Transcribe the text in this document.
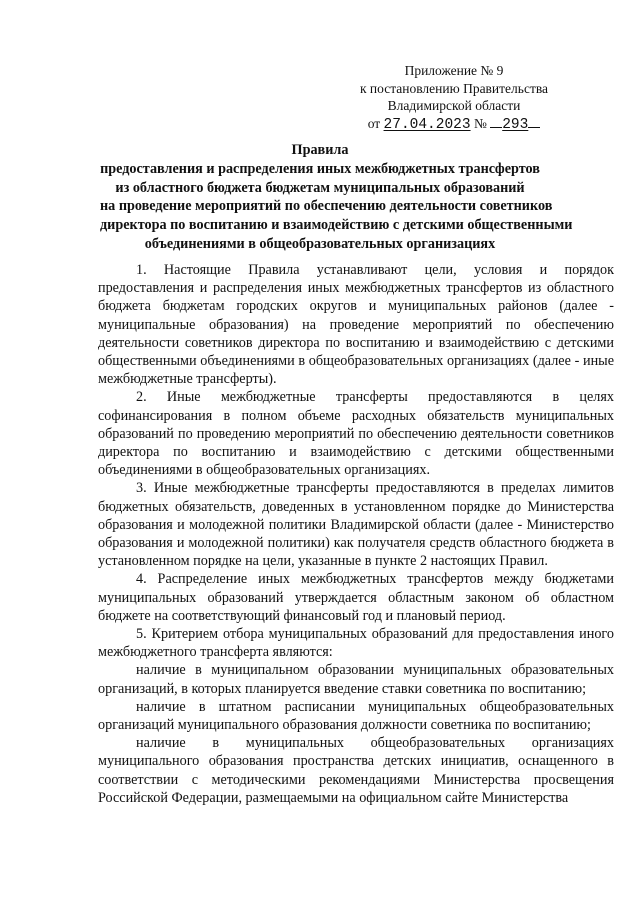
Приложение № 9
к постановлению Правительства
Владимирской области
от 27.04.2023 № 293
Правила
предоставления и распределения иных межбюджетных трансфертов
из областного бюджета бюджетам муниципальных образований
на проведение мероприятий по обеспечению деятельности советников
директора по воспитанию и взаимодействию с детскими общественными
объединениями в общеобразовательных организациях

1. Настоящие Правила устанавливают цели, условия и порядок предоставления и распределения иных межбюджетных трансфертов из областного бюджета бюджетам городских округов и муниципальных районов (далее - муниципальные образования) на проведение мероприятий по обеспечению деятельности советников директора по воспитанию и взаимодействию с детскими общественными объединениями в общеобразовательных организациях (далее - иные межбюджетные трансферты).

2. Иные межбюджетные трансферты предоставляются в целях софинансирования в полном объеме расходных обязательств муниципальных образований по проведению мероприятий по обеспечению деятельности советников директора по воспитанию и взаимодействию с детскими общественными объединениями в общеобразовательных организациях.

3. Иные межбюджетные трансферты предоставляются в пределах лимитов бюджетных обязательств, доведенных в установленном порядке до Министерства образования и молодежной политики Владимирской области (далее - Министерство образования и молодежной политики) как получателя средств областного бюджета в установленном порядке на цели, указанные в пункте 2 настоящих Правил.

4. Распределение иных межбюджетных трансфертов между бюджетами муниципальных образований утверждается областным законом об областном бюджете на соответствующий финансовый год и плановый период.

5. Критерием отбора муниципальных образований для предоставления иного межбюджетного трансферта являются:

наличие в муниципальном образовании муниципальных образовательных организаций, в которых планируется введение ставки советника по воспитанию;

наличие в штатном расписании муниципальных общеобразовательных организаций муниципального образования должности советника по воспитанию;

наличие в муниципальных общеобразовательных организациях муниципального образования пространства детских инициатив, оснащенного в соответствии с методическими рекомендациями Министерства просвещения Российской Федерации, размещаемыми на официальном сайте Министерства
